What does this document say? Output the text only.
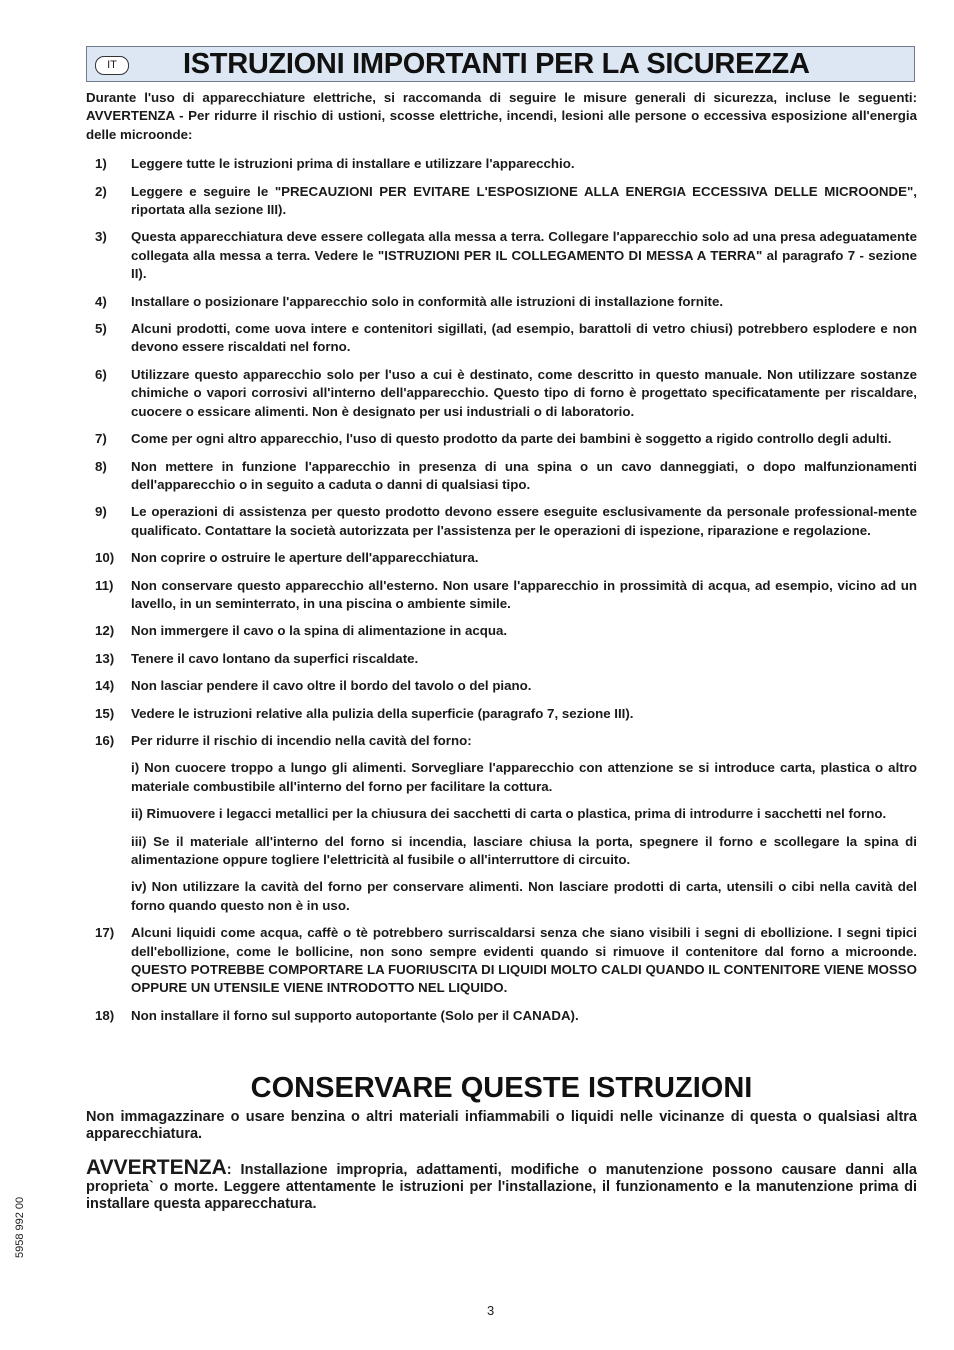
IT	ISTRUZIONI IMPORTANTI PER LA SICUREZZA

Durante l'uso di apparecchiature elettriche, si raccomanda di seguire le misure generali di sicurezza, incluse le seguenti: AVVERTENZA - Per ridurre il rischio di ustioni, scosse elettriche, incendi, lesioni alle persone o eccessiva esposizione all'energia delle microonde:

1) Leggere tutte le istruzioni prima di installare e utilizzare l'apparecchio.
2) Leggere e seguire le "PRECAUZIONI PER EVITARE L'ESPOSIZIONE ALLA ENERGIA ECCESSIVA DELLE MICROONDE", riportata alla sezione III).
3) Questa apparecchiatura deve essere collegata alla messa a terra. Collegare l'apparecchio solo ad una presa adeguatamente collegata alla messa a terra. Vedere le "ISTRUZIONI PER IL COLLEGAMENTO DI MESSA A TERRA" al paragrafo 7 - sezione II).
4) Installare o posizionare l'apparecchio solo in conformità alle istruzioni di installazione fornite.
5) Alcuni prodotti, come uova intere e contenitori sigillati, (ad esempio, barattoli di vetro chiusi) potrebbero esplodere e non devono essere riscaldati nel forno.
6) Utilizzare questo apparecchio solo per l'uso a cui è destinato, come descritto in questo manuale. Non utilizzare sostanze chimiche o vapori corrosivi all'interno dell'apparecchio. Questo tipo di forno è progettato specificatamente per riscaldare, cuocere o essicare alimenti. Non è designato per usi industriali o di laboratorio.
7) Come per ogni altro apparecchio, l'uso di questo prodotto da parte dei bambini è soggetto a rigido controllo degli adulti.
8) Non mettere in funzione l'apparecchio in presenza di una spina o un cavo danneggiati, o dopo malfunzionamenti dell'apparecchio o in seguito a caduta o danni di qualsiasi tipo.
9) Le operazioni di assistenza per questo prodotto devono essere eseguite esclusivamente da personale professional-mente qualificato. Contattare la società autorizzata per l'assistenza per le operazioni di ispezione, riparazione e regolazione.
10) Non coprire o ostruire le aperture dell'apparecchiatura.
11) Non conservare questo apparecchio all'esterno. Non usare l'apparecchio in prossimità di acqua, ad esempio, vicino ad un lavello, in un seminterrato, in una piscina o ambiente simile.
12) Non immergere il cavo o la spina di alimentazione in acqua.
13) Tenere il cavo lontano da superfici riscaldate.
14) Non lasciar pendere il cavo oltre il bordo del tavolo o del piano.
15) Vedere le istruzioni relative alla pulizia della superficie (paragrafo 7, sezione III).
16) Per ridurre il rischio di incendio nella cavità del forno:

i) Non cuocere troppo a lungo gli alimenti. Sorvegliare l'apparecchio con attenzione se si introduce carta, plastica o altro materiale combustibile all'interno del forno per facilitare la cottura.

ii) Rimuovere i legacci metallici per la chiusura dei sacchetti di carta o plastica, prima di introdurre i sacchetti nel forno.

iii) Se il materiale all'interno del forno si incendia, lasciare chiusa la porta, spegnere il forno e scollegare la spina di alimentazione oppure togliere l'elettricità al fusibile o all'interruttore di circuito.

iv) Non utilizzare la cavità del forno per conservare alimenti. Non lasciare prodotti di carta, utensili o cibi nella cavità del forno quando questo non è in uso.

17) Alcuni liquidi come acqua, caffè o tè potrebbero surriscaldarsi senza che siano visibili i segni di ebollizione. I segni tipici dell'ebollizione, come le bollicine, non sono sempre evidenti quando si rimuove il contenitore dal forno a microonde. QUESTO POTREBBE COMPORTARE LA FUORIUSCITA DI LIQUIDI MOLTO CALDI QUANDO IL CONTENITORE VIENE MOSSO OPPURE UN UTENSILE VIENE INTRODOTTO NEL LIQUIDO.
18) Non installare il forno sul supporto autoportante (Solo per il CANADA).
CONSERVARE QUESTE ISTRUZIONI

Non immagazzinare o usare benzina o altri materiali infiammabili o liquidi nelle vicinanze di questa o qualsiasi altra apparecchiatura.

AVVERTENZA: Installazione impropria, adattamenti, modifiche o manutenzione possono causare danni alla proprieta` o morte. Leggere attentamente le istruzioni per l'installazione, il funzionamento e la manutenzione prima di installare questa apparecchatura.

5958 992 00
3
